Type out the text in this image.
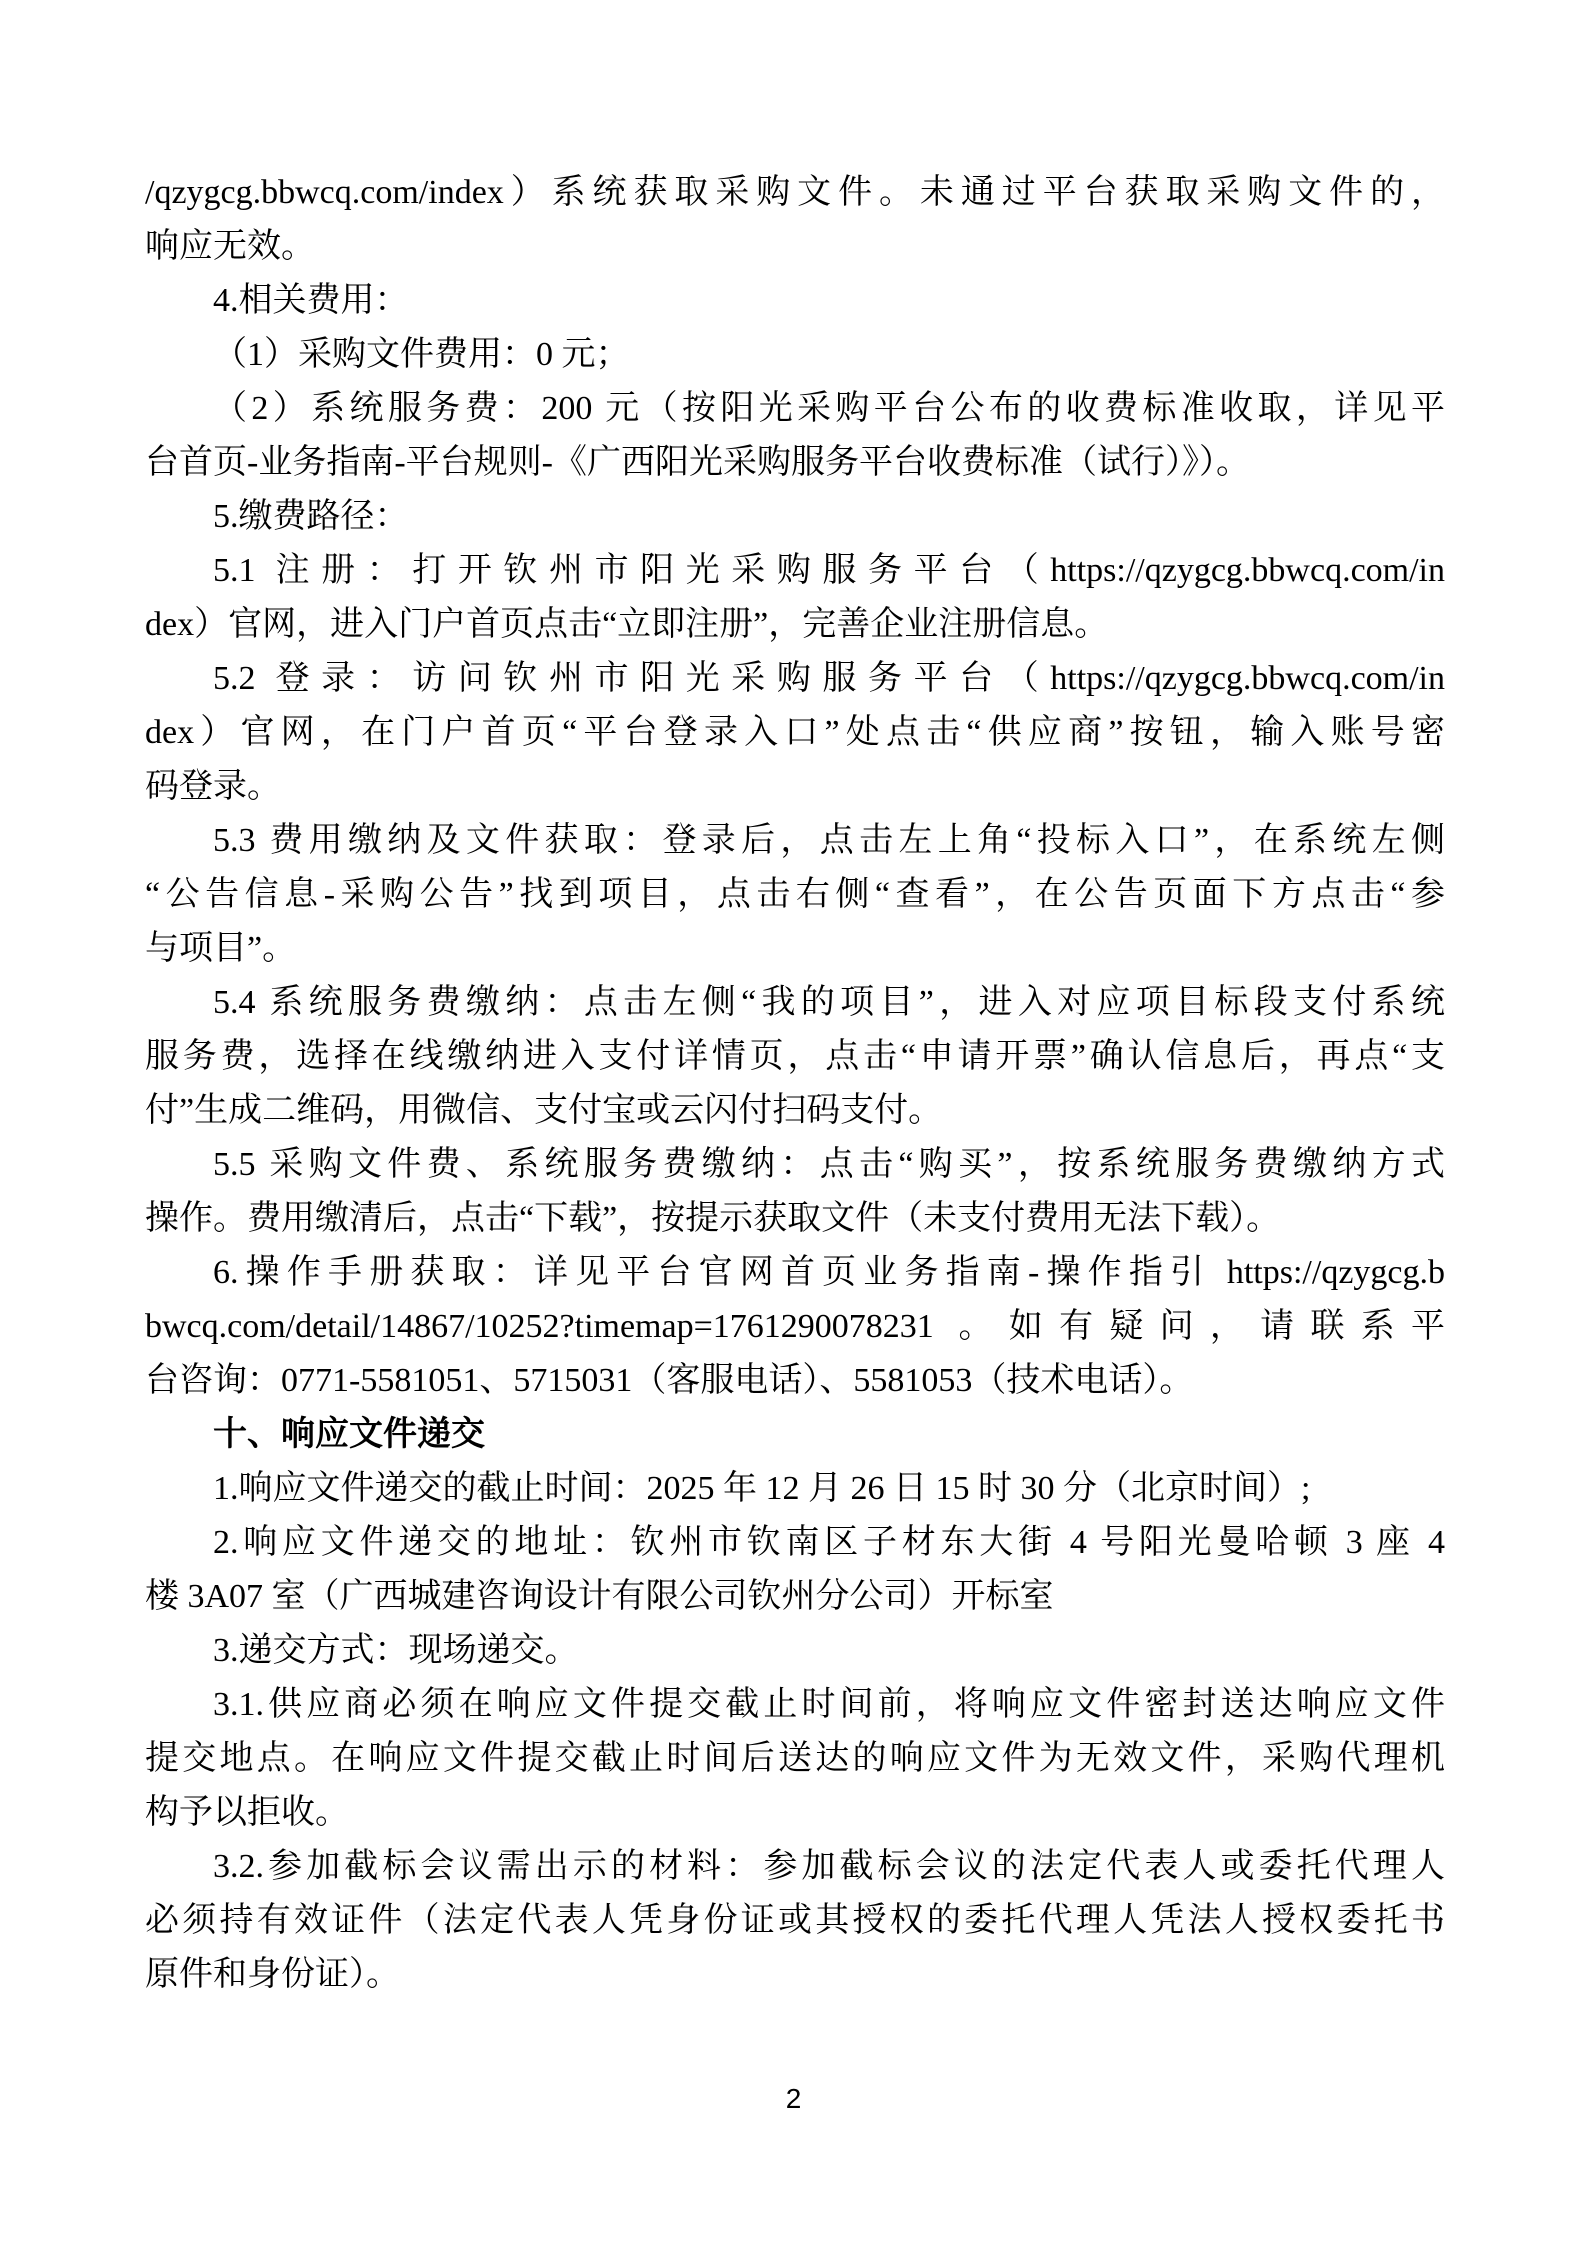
/qzygcg.bbwcq.com/index）系统获取采购文件。未通过平台获取采购文件的，
响应无效。
4.相关费用：
（1）采购文件费用：0 元；
（2）系统服务费：200 元（按阳光采购平台公布的收费标准收取，详见平
台首页-业务指南-平台规则-《广西阳光采购服务平台收费标准（试行）》）。
5.缴费路径：
5.1 注册：打开钦州市阳光采购服务平台（https://qzygcg.bbwcq.com/in
dex）官网，进入门户首页点击“立即注册”，完善企业注册信息。
5.2 登录：访问钦州市阳光采购服务平台（https://qzygcg.bbwcq.com/in
dex）官网，在门户首页“平台登录入口”处点击“供应商”按钮，输入账号密
码登录。
5.3 费用缴纳及文件获取：登录后，点击左上角“投标入口”，在系统左侧
“公告信息-采购公告”找到项目，点击右侧“查看”，在公告页面下方点击“参
与项目”。
5.4 系统服务费缴纳：点击左侧“我的项目”，进入对应项目标段支付系统
服务费，选择在线缴纳进入支付详情页，点击“申请开票”确认信息后，再点“支
付”生成二维码，用微信、支付宝或云闪付扫码支付。
5.5 采购文件费、系统服务费缴纳：点击“购买”，按系统服务费缴纳方式
操作。费用缴清后，点击“下载”，按提示获取文件（未支付费用无法下载）。
6.操作手册获取：详见平台官网首页业务指南-操作指引 https://qzygcg.b
bwcq.com/detail/14867/10252?timemap=1761290078231 。如有疑问，请联系平
台咨询：0771-5581051、5715031（客服电话）、5581053（技术电话）。
十、响应文件递交
1.响应文件递交的截止时间：2025 年 12 月 26 日 15 时 30 分（北京时间）;
2.响应文件递交的地址：钦州市钦南区子材东大街 4 号阳光曼哈顿 3 座 4
楼 3A07 室（广西城建咨询设计有限公司钦州分公司）开标室
3.递交方式：现场递交。
3.1.供应商必须在响应文件提交截止时间前，将响应文件密封送达响应文件
提交地点。在响应文件提交截止时间后送达的响应文件为无效文件，采购代理机
构予以拒收。
3.2.参加截标会议需出示的材料：参加截标会议的法定代表人或委托代理人
必须持有效证件（法定代表人凭身份证或其授权的委托代理人凭法人授权委托书
原件和身份证）。
2
